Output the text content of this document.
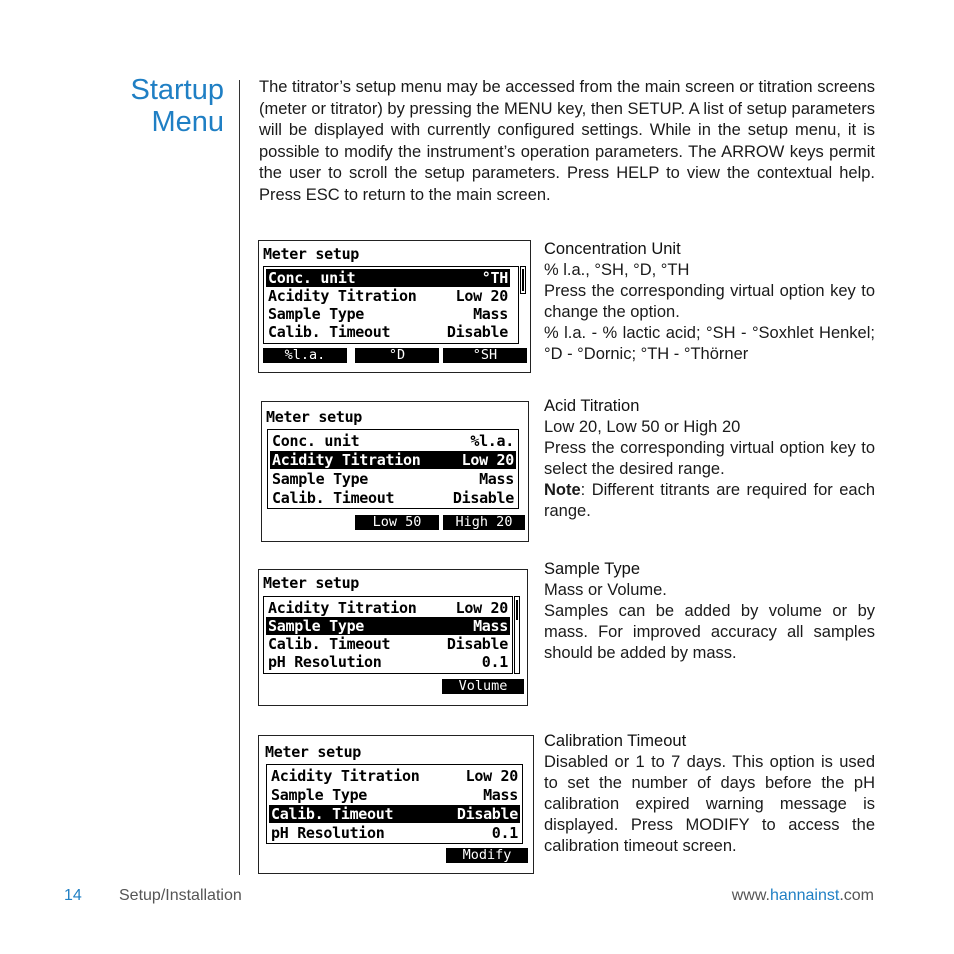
Startup
Menu

The titrator’s setup menu may be accessed from the main screen or titration screens (meter or titrator) by pressing the MENU key, then SETUP. A list of setup parameters will be displayed with currently configured settings. While in the setup menu, it is possible to modify the instrument’s operation parameters. The ARROW keys permit the user to scroll the setup parameters. Press HELP to view the contextual help. Press ESC to return to the main screen.

Meter setup
Conc. unit	°TH
Acidity Titration	Low 20
Sample Type	Mass
Calib. Timeout	Disable
%l.a.	°D	°SH
Concentration Unit

% l.a., °SH, °D, °TH

Press the corresponding virtual option key to change the option.

% l.a. - % lactic acid; °SH - °Soxhlet Henkel; °D - °Dornic; °TH - °Thörner

Meter setup
Conc. unit	%l.a.
Acidity Titration	Low 20
Sample Type	Mass
Calib. Timeout	Disable
Low 50	High 20
Acid Titration

Low 20, Low 50 or High 20

Press the corresponding virtual option key to select the desired range.

Note: Different titrants are required for each range.

Meter setup
Acidity Titration	Low 20
Sample Type	Mass
Calib. Timeout	Disable
pH Resolution	0.1
Volume
Sample Type

Mass or Volume.

Samples can be added by volume or by mass. For improved accuracy all samples should be added by mass.

Meter setup
Acidity Titration	Low 20
Sample Type	Mass
Calib. Timeout	Disable
pH Resolution	0.1
Modify
Calibration Timeout

Disabled or 1 to 7 days. This option is used to set the number of days before the pH calibration expired warning message is displayed. Press MODIFY to access the calibration timeout screen.

14 Setup/Installation	www.hannainst.com
